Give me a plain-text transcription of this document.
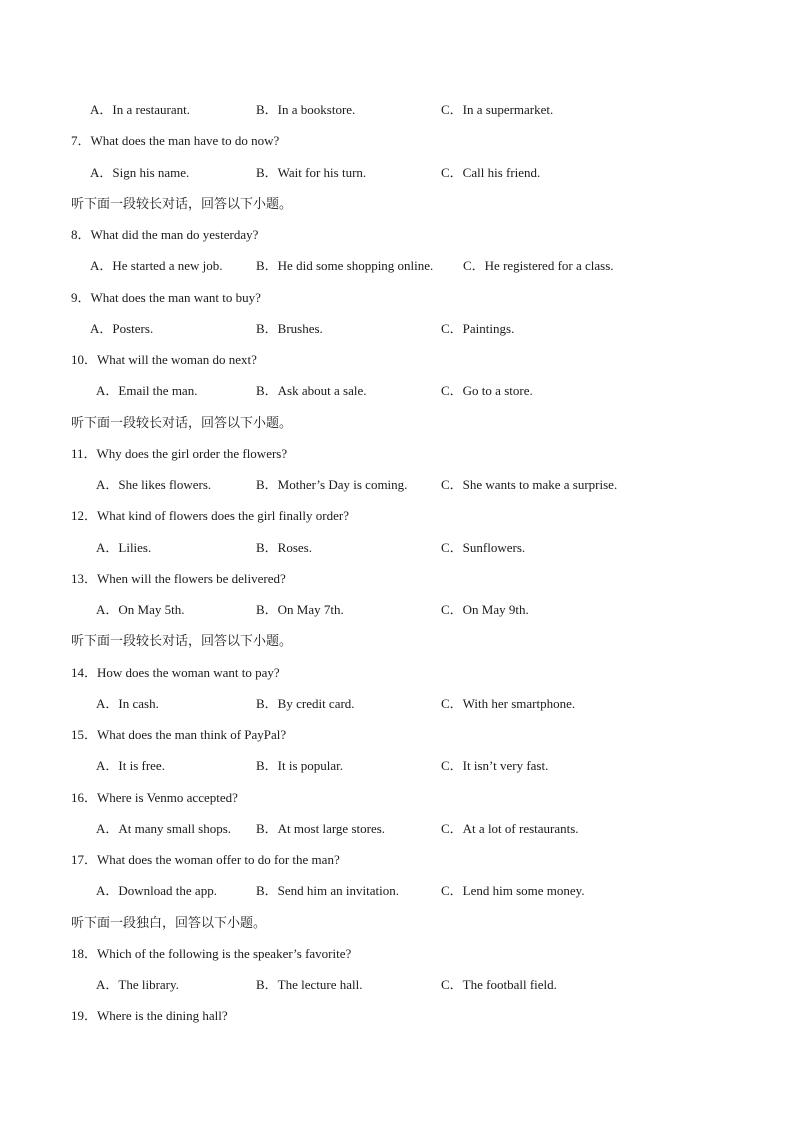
A．In a restaurant.	B．In a bookstore.	C．In a supermarket.
7．What does the man have to do now?
A．Sign his name.	B．Wait for his turn.	C．Call his friend.
听下面一段较长对话，回答以下小题。
8．What did the man do yesterday?
A．He started a new job.	B．He did some shopping online. C．He registered for a class.
9．What does the man want to buy?
A．Posters.	B．Brushes.	C．Paintings.
10．What will the woman do next?
A．Email the man.	B．Ask about a sale.	C．Go to a store.
听下面一段较长对话，回答以下小题。
11．Why does the girl order the flowers?
A．She likes flowers.	B．Mother’s Day is coming.	C．She wants to make a surprise.
12．What kind of flowers does the girl finally order?
A．Lilies.	B．Roses.	C．Sunflowers.
13．When will the flowers be delivered?
A．On May 5th.	B．On May 7th.	C．On May 9th.
听下面一段较长对话，回答以下小题。
14．How does the woman want to pay?
A．In cash.	B．By credit card.	C．With her smartphone.
15．What does the man think of PayPal?
A．It is free.	B．It is popular.	C．It isn’t very fast.
16．Where is Venmo accepted?
A．At many small shops. B．At most large stores.	C．At a lot of restaurants.
17．What does the woman offer to do for the man?
A．Download the app.	B．Send him an invitation.	C．Lend him some money.
听下面一段独白，回答以下小题。
18．Which of the following is the speaker’s favorite?
A．The library.	B．The lecture hall.	C．The football field.
19．Where is the dining hall?
